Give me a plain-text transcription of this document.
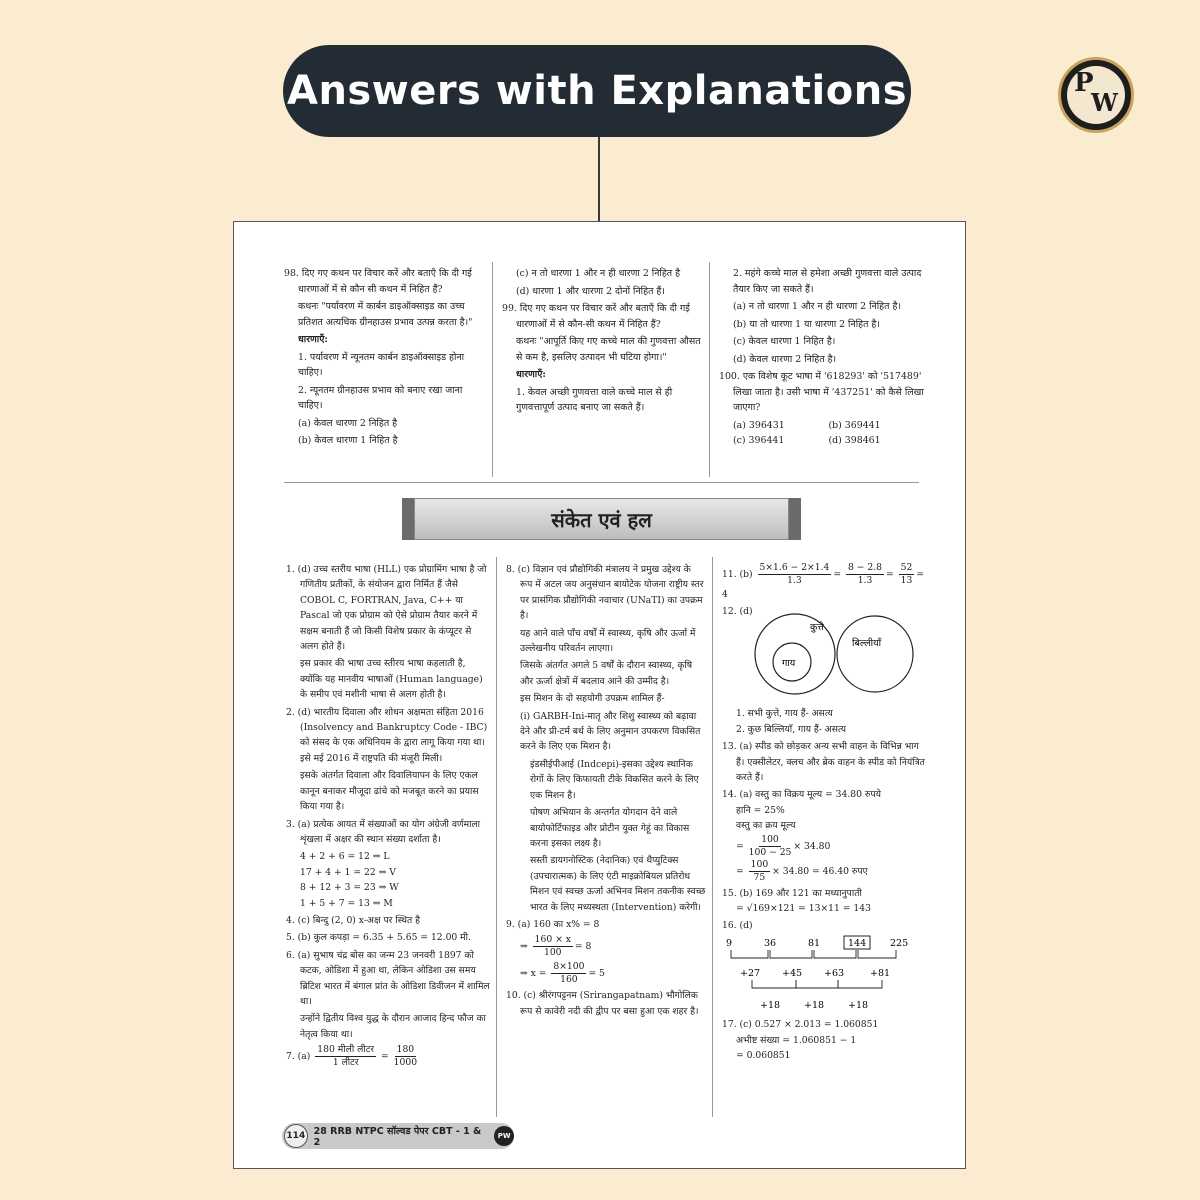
Answers with Explanations	P
W

98. दिए गए कथन पर विचार करें और बताएँ कि दी गई धारणाओं में से कौन सी कथन में निहित हैं?

कथनः "पर्यावरण में कार्बन डाइऑक्साइड का उच्च प्रतिशत अत्यधिक ग्रीनहाउस प्रभाव उत्पन्न करता है।"

धारणाएँ:

1. पर्यावरण में न्यूनतम कार्बन डाइऑक्साइड होना चाहिए।

2. न्यूनतम ग्रीनहाउस प्रभाव को बनाए रखा जाना चाहिए।

(a) केवल धारणा 2 निहित है

(b) केवल धारणा 1 निहित है

(c) न तो धारणा 1 और न ही धारणा 2 निहित है

(d) धारणा 1 और धारणा 2 दोनों निहित हैं।

99. दिए गए कथन पर विचार करें और बताएँ कि दी गई धारणाओं में से कौन-सी कथन में निहित हैं?

कथनः "आपूर्ति किए गए कच्चे माल की गुणवत्ता औसत से कम है, इसलिए उत्पादन भी घटिया होगा।"

धारणाएँ:

1. केवल अच्छी गुणवत्ता वाले कच्चे माल से ही गुणवत्तापूर्ण उत्पाद बनाए जा सकते हैं।

2. महंगे कच्चे माल से हमेशा अच्छी गुणवत्ता वाले उत्पाद तैयार किए जा सकते हैं।

(a) न तो धारणा 1 और न ही धारणा 2 निहित है।

(b) या तो धारणा 1 या धारणा 2 निहित है।

(c) केवल धारणा 1 निहित है।

(d) केवल धारणा 2 निहित है।

100. एक विशेष कूट भाषा में '618293' को '517489' लिखा जाता है। उसी भाषा में '437251' को कैसे लिखा जाएगा?

(a) 396431	(b) 369441
(c) 396441	(d) 398461
संकेत एवं हल

1. (d) उच्च स्तरीय भाषा (HLL) एक प्रोग्रामिंग भाषा है जो गणितीय प्रतीकों, के संयोजन द्वारा निर्मित हैं जैसे COBOL C, FORTRAN, Java, C++ या Pascal जो एक प्रोग्राम को ऐसे प्रोग्राम तैयार करने में सक्षम बनाती हैं जो किसी विशेष प्रकार के कंप्यूटर से अलग होते हैं।

इस प्रकार की भाषा उच्च स्तीरय भाषा कहलाती है, क्योंकि यह मानवीय भाषाओं (Human language) के समीप एवं मशीनी भाषा से अलग होती है।

2. (d) भारतीय दिवाला और शोधन अक्षमता संहिता 2016 (Insolvency and Bankruptcy Code - IBC) को संसद के एक अधिनियम के द्वारा लागू किया गया था। इसे मई 2016 में राष्ट्रपति की मंजूरी मिली।

इसके अंतर्गत दिवाला और दिवालियापन के लिए एकल कानून बनाकर मौजूदा ढांचे को मजबूत करने का प्रयास किया गया है।

3. (a) प्रत्येक आयत में संख्याओं का योग अंग्रेजी वर्णमाला शृंखला में अक्षर की स्थान संख्या दर्शाता है।

4 + 2 + 6 = 12 ⇒ L

17 + 4 + 1 = 22 ⇒ V

8 + 12 + 3 = 23 ⇒ W

1 + 5 + 7 = 13 ⇒ M

4. (c) बिन्दु (2, 0) x-अक्ष पर स्थित है

5. (b) कुल कपड़ा = 6.35 + 5.65 = 12.00 मी.

6. (a) सुभाष चंद्र बोस का जन्म 23 जनवरी 1897 को कटक, ओडिशा में हुआ था, लेकिन ओडिशा उस समय ब्रिटिश भारत में बंगाल प्रांत के ओडिशा डिवीजन में शामिल था।

उन्होंने द्वितीय विश्व युद्ध के दौरान आजाद हिन्द फौज का नेतृत्व किया था।

7. $(a) \frac{\text{180 मीली लीटर}}{\text{1 लीटर}} = \frac{180}{1000}$

8. (c) विज्ञान एवं प्रौद्योगिकी मंत्रालय ने प्रमुख उद्देश्य के रूप में अटल जय अनुसंधान बायोटेक योजना राष्ट्रीय स्तर पर प्रासंगिक प्रौद्योगिकी नवाचार (UNaTI) का उपक्रम है।

यह आने वाले पाँच वर्षों में स्वास्थ्य, कृषि और ऊर्जा में उल्लेखनीय परिवर्तन लाएगा।

जिसके अंतर्गत अगले 5 वर्षों के दौरान स्वास्थ्य, कृषि और ऊर्जा क्षेत्रों में बदलाव आने की उम्मीद है।

इस मिशन के दो सहयोगी उपक्रम शामिल हैं-

(i) GARBH-Ini-मातृ और शिशु स्वास्थ्य को बढ़ावा देने और प्री-टर्म बर्थ के लिए अनुमान उपकरण विकसित करने के लिए एक मिशन है।

इंडसीईपीआई (Indcepi)-इसका उद्देश्य स्थानिक रोगों के लिए किफायती टीके विकसित करने के लिए एक मिशन है।

पोषण अभियान के अन्तर्गत योगदान देने वाले बायोफोर्टिफाइड और प्रोटीन युक्त गेहूं का विकास करना इसका लक्ष्य है।

सस्ती डायगनोस्टिक (नेदानिक) एवं थैप्युटिक्स (उपचारात्मक) के लिए एंटी माइक्रोबियल प्रतिरोध मिशन एवं स्वच्छ ऊर्जा अभिनव मिशन तकनीक स्वच्छ भारत के लिए मध्यस्थता (Intervention) करेगी।

9. (a) 160 का x% = 8

⇒ $\frac{160 \times x}{100} = 8$

⇒ $x = \frac{8\times 100}{160} = 5$

10. (c) श्रीरंगपट्टनम (Srirangapatnam) भौगोलिक रूप से कावेरी नदी की द्वीप पर बसा हुआ एक शहर है।

11. $(b) \frac{5\times 1.6 - 2\times 1.4}{1.3} = \frac{8 - 2.8}{1.3} = \frac{52}{13} = 4$

12. (d)
कुत्ते
गाय
बिल्लीयाँ

1. सभी कुत्ते, गाय हैं- असत्य

2. कुछ बिल्लियाँ, गाय हैं- असत्य

13. (a) स्पीड को छोड़कर अन्य सभी वाहन के विभिन्न भाग हैं। एक्सीलेटर, क्लच और ब्रेक वाहन के स्पीड को नियंत्रित करते हैं।

14. (a) वस्तु का विक्रय मूल्य = 34.80 रुपये

हानि = 25%

वस्तु का क्रय मूल्य

= $\frac{100}{100 - 25} \times 34.80$

= $\frac{100}{75} \times 34.80 = 46.40$ रुपए

15. (b) 169 और 121 का मध्यानुपाती

= √169×121 = 13×11 = 143

16. (d)

9	36	81	144	225
+27 +45 +63	+81
+18	+18	+18

17. (c) 0.527 × 2.013 = 1.060851

अभीष्ट संख्या = 1.060851 − 1

= 0.060851

114 28 RRB NTPC सॉल्वड पेपर CBT - 1 & 2
PW
